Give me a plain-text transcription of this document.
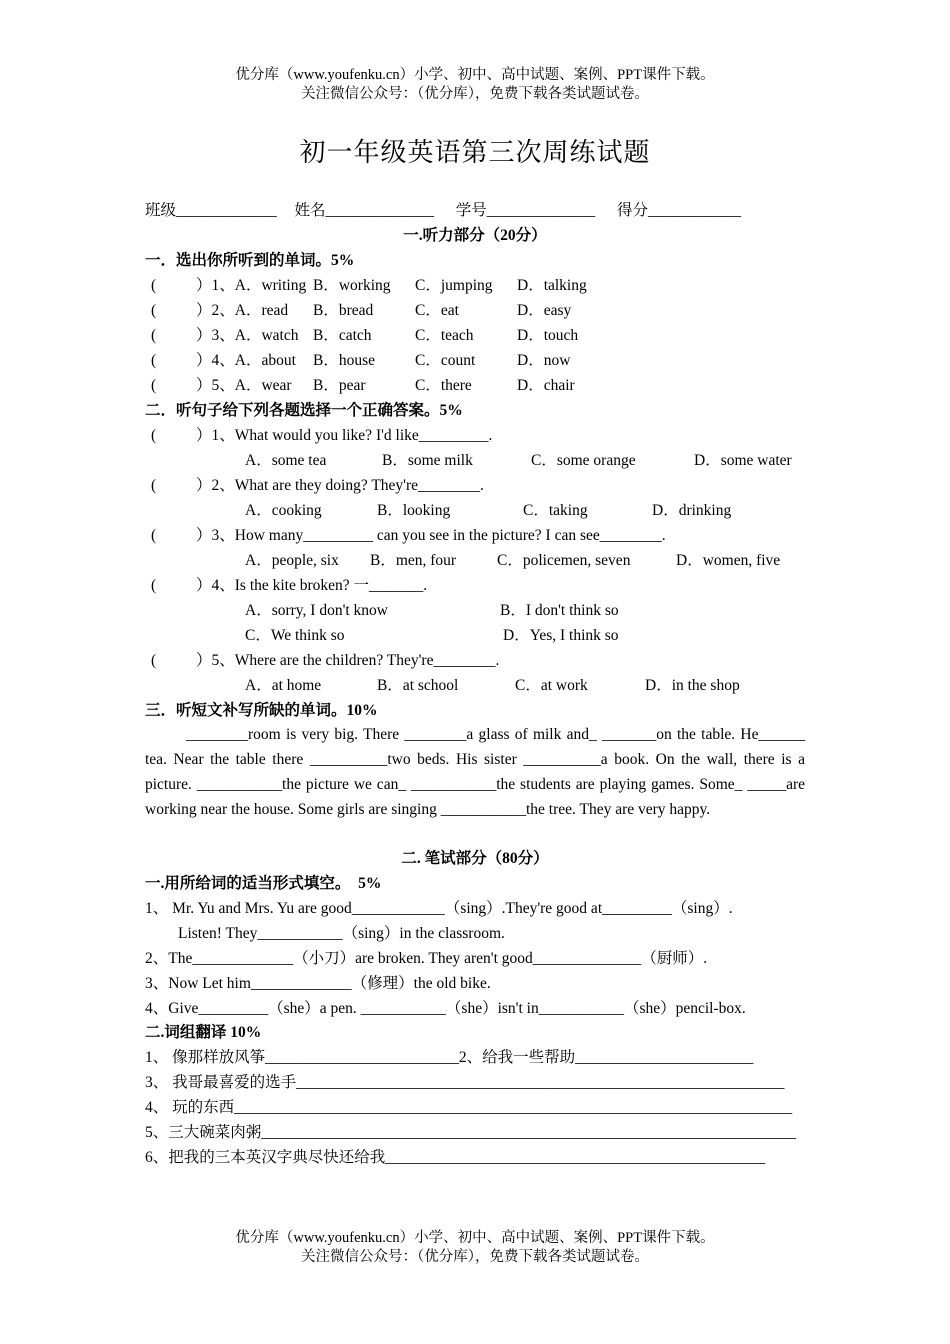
优分库（www.youfenku.cn）小学、初中、高中试题、案例、PPT课件下载。
关注微信公众号：（优分库），免费下载各类试题试卷。
初一年级英语第三次周练试题
班级_____________ 姓名______________ 学号______________ 得分____________
一.听力部分（20分）
一．选出你所听到的单词。5%
(	）1、A．writing B．working C．jumping D．talking
(	）2、A．read B．bread	C．eat	D．easy
(	）3、A．watch B．catch	C．teach	D．touch
(	）4、A．about B．house	C．count	D．now
(	）5、A．wear B．pear	C．there	D．chair
二．听句子给下列各题选择一个正确答案。5%
(	）1、What would you like? I'd like_________.
A．some tea	B．some milk	C．some orange	D．some water
(	）2、What are they doing? They're________.
A．cooking	B．looking	C．taking	D．drinking
(	）3、How many_________ can you see in the picture? I can see________.
A．people, six B．men, four	C．policemen, seven	D．women, five
(	）4、Is the kite broken? 一_______.
A．sorry, I don't know	B．I don't think so
C．We think so	D．Yes, I think so
(	）5、Where are the children? They're________.
A．at home	B．at school	C．at work	D．in the shop
三．听短文补写所缺的单词。10%
________room is very big. There ________a glass of milk and_ _______on the table. He______ tea. Near the table there __________two beds. His sister __________a book. On the wall, there is a picture. ___________the picture we can_ ___________the students are playing games. Some_ _____are working near the house. Some girls are singing ___________the tree. They are very happy.
二. 笔试部分（80分）
一.用所给词的适当形式填空。　5%
1、 Mr. Yu and Mrs. Yu are good____________（sing）.They're good at_________（sing）.
Listen! They___________（sing）in the classroom.
2、The_____________（小刀）are broken. They aren't good______________（厨师）.
3、Now Let him_____________（修理）the old bike.
4、Give_________（she）a pen. ___________（she）isn't in___________（she）pencil-box.
二.词组翻译 10%
1、 像那样放风筝_________________________2、给我一些帮助_______________________
3、 我哥最喜爱的选手_______________________________________________________________
4、 玩的东西________________________________________________________________________
5、三大碗菜肉粥_____________________________________________________________________
6、把我的三本英汉字典尽快还给我_________________________________________________
优分库（www.youfenku.cn）小学、初中、高中试题、案例、PPT课件下载。
关注微信公众号：（优分库），免费下载各类试题试卷。
